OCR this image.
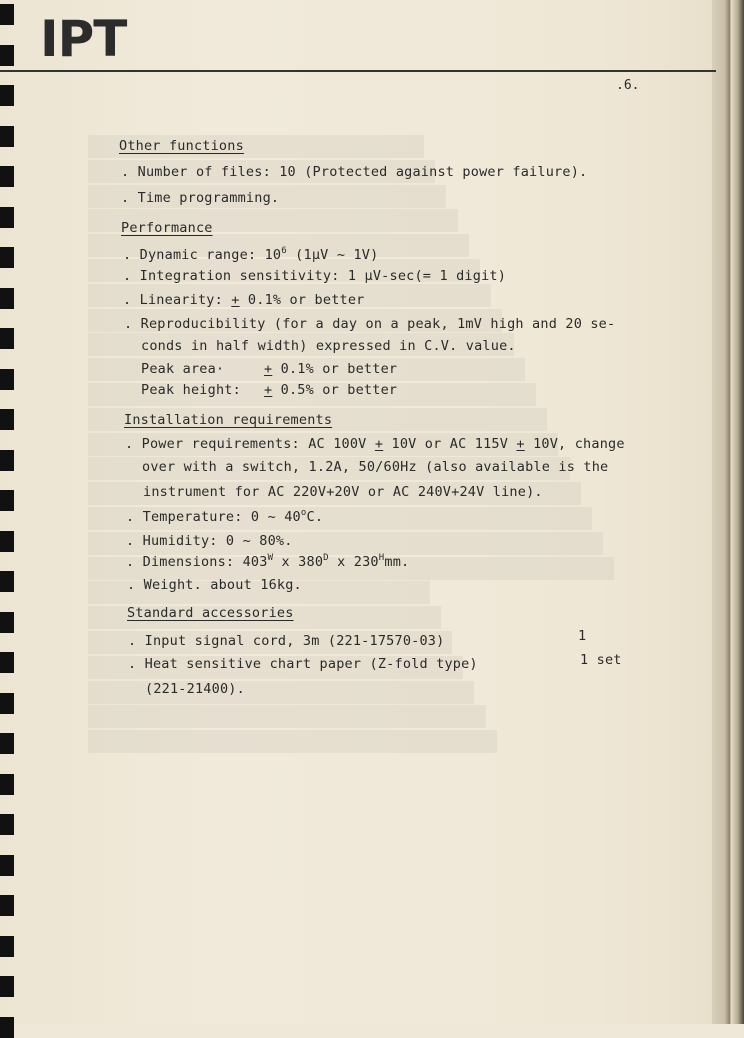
IPT
.6.
Other functions
. Number of files: 10 (Protected against power failure).
. Time programming.
Performance
. Dynamic range: $10^6$ (1μV ~ 1V)
. Integration sensitivity: 1 μV-sec(= 1 digit)
. Linearity: + 0.1% or better
. Reproducibility (for a day on a peak, 1mV high and 20 se-
conds in half width) expressed in C.V. value.
Peak area·	+ 0.1% or better
Peak height: + 0.5% or better
Installation requirements
. Power requirements: AC 100V + 10V or AC 115V + 10V, change
over with a switch, 1.2A, 50/60Hz (also available is the
instrument for AC 220V+20V or AC 240V+24V line).
. Temperature: 0 ~ 40$^o$C.
. Humidity: 0 ~ 80%.
. Dimensions: $403^W$ x $380^D$ x $230^Hmm$.
. Weight. about 16kg.
Standard accessories
. Input signal cord, 3m (221-17570-03)	1
. Heat sensitive chart paper (Z-fold type)	1 set
(221-21400).
